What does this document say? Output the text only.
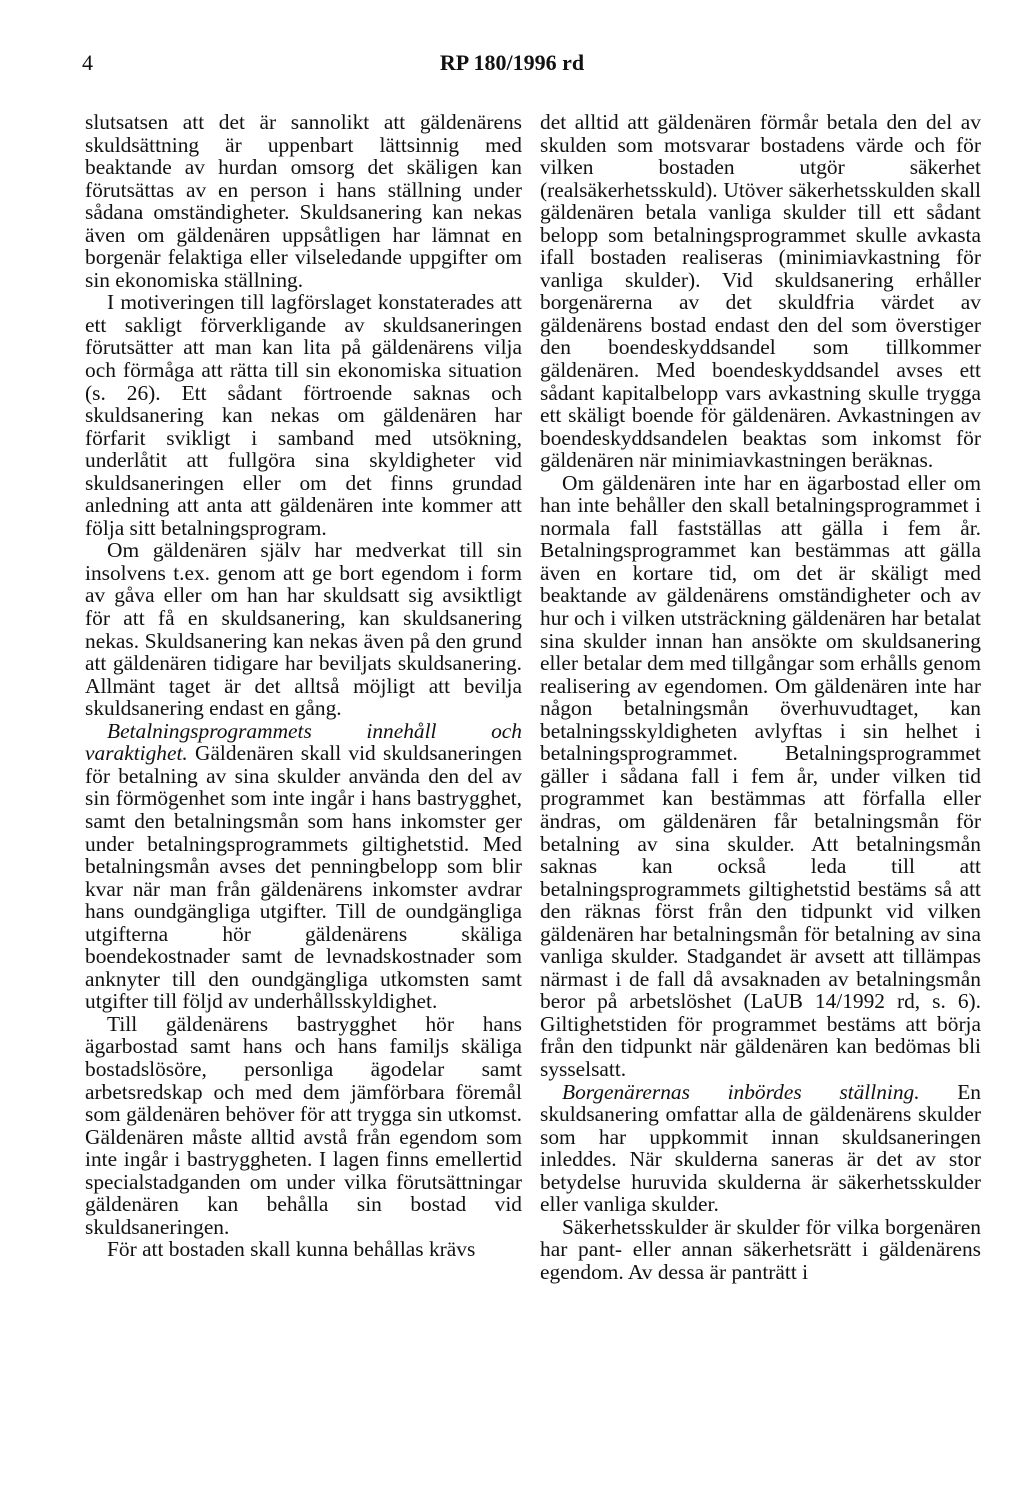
4	RP 180/1996 rd

slutsatsen att det är sannolikt att gäldenärens skuldsättning är uppenbart lättsinnig med beaktande av hurdan omsorg det skäligen kan förutsättas av en person i hans ställning under sådana omständigheter. Skuldsanering kan nekas även om gäldenären uppsåtligen har lämnat en borgenär felaktiga eller vilseledande uppgifter om sin ekonomiska ställning.

I motiveringen till lagförslaget konstaterades att ett sakligt förverkligande av skuldsaneringen förutsätter att man kan lita på gäldenärens vilja och förmåga att rätta till sin ekonomiska situation (s. 26). Ett sådant förtroende saknas och skuldsanering kan nekas om gäldenären har förfarit svikligt i samband med utsökning, underlåtit att fullgöra sina skyldigheter vid skuldsaneringen eller om det finns grundad anledning att anta att gäldenären inte kommer att följa sitt betalningsprogram.

Om gäldenären själv har medverkat till sin insolvens t.ex. genom att ge bort egendom i form av gåva eller om han har skuldsatt sig avsiktligt för att få en skuldsanering, kan skuldsanering nekas. Skuldsanering kan nekas även på den grund att gäldenären tidigare har beviljats skuldsanering. Allmänt taget är det alltså möjligt att bevilja skuldsanering endast en gång.

Betalningsprogrammets innehåll och varaktighet. Gäldenären skall vid skuldsaneringen för betalning av sina skulder använda den del av sin förmögenhet som inte ingår i hans bastrygghet, samt den betalningsmån som hans inkomster ger under betalningsprogrammets giltighetstid. Med betalningsmån avses det penningbelopp som blir kvar när man från gäldenärens inkomster avdrar hans oundgängliga utgifter. Till de oundgängliga utgifterna hör gäldenärens skäliga boendekostnader samt de levnadskostnader som anknyter till den oundgängliga utkomsten samt utgifter till följd av underhållsskyldighet.

Till gäldenärens bastrygghet hör hans ägarbostad samt hans och hans familjs skäliga bostadslösöre, personliga ägodelar samt arbetsredskap och med dem jämförbara föremål som gäldenären behöver för att trygga sin utkomst. Gäldenären måste alltid avstå från egendom som inte ingår i bastryggheten. I lagen finns emellertid specialstadganden om under vilka förutsättningar gäldenären kan behålla sin bostad vid skuldsaneringen.

För att bostaden skall kunna behållas krävs

det alltid att gäldenären förmår betala den del av skulden som motsvarar bostadens värde och för vilken bostaden utgör säkerhet (realsäkerhetsskuld). Utöver säkerhetsskulden skall gäldenären betala vanliga skulder till ett sådant belopp som betalningsprogrammet skulle avkasta ifall bostaden realiseras (minimiavkastning för vanliga skulder). Vid skuldsanering erhåller borgenärerna av det skuldfria värdet av gäldenärens bostad endast den del som överstiger den boendeskyddsandel som tillkommer gäldenären. Med boendeskyddsandel avses ett sådant kapitalbelopp vars avkastning skulle trygga ett skäligt boende för gäldenären. Avkastningen av boendeskyddsandelen beaktas som inkomst för gäldenären när minimiavkastningen beräknas.

Om gäldenären inte har en ägarbostad eller om han inte behåller den skall betalningsprogrammet i normala fall fastställas att gälla i fem år. Betalningsprogrammet kan bestämmas att gälla även en kortare tid, om det är skäligt med beaktande av gäldenärens omständigheter och av hur och i vilken utsträckning gäldenären har betalat sina skulder innan han ansökte om skuldsanering eller betalar dem med tillgångar som erhålls genom realisering av egendomen. Om gäldenären inte har någon betalningsmån överhuvudtaget, kan betalningsskyldigheten avlyftas i sin helhet i betalningsprogrammet. Betalningsprogrammet gäller i sådana fall i fem år, under vilken tid programmet kan bestämmas att förfalla eller ändras, om gäldenären får betalningsmån för betalning av sina skulder. Att betalningsmån saknas kan också leda till att betalningsprogrammets giltighetstid bestäms så att den räknas först från den tidpunkt vid vilken gäldenären har betalningsmån för betalning av sina vanliga skulder. Stadgandet är avsett att tillämpas närmast i de fall då avsaknaden av betalningsmån beror på arbetslöshet (LaUB 14/1992 rd, s. 6). Giltighetstiden för programmet bestäms att börja från den tidpunkt när gäldenären kan bedömas bli sysselsatt.

Borgenärernas inbördes ställning. En skuldsanering omfattar alla de gäldenärens skulder som har uppkommit innan skuldsaneringen inleddes. När skulderna saneras är det av stor betydelse huruvida skulderna är säkerhetsskulder eller vanliga skulder.

Säkerhetsskulder är skulder för vilka borgenären har pant- eller annan säkerhetsrätt i gäldenärens egendom. Av dessa är panträtt i
